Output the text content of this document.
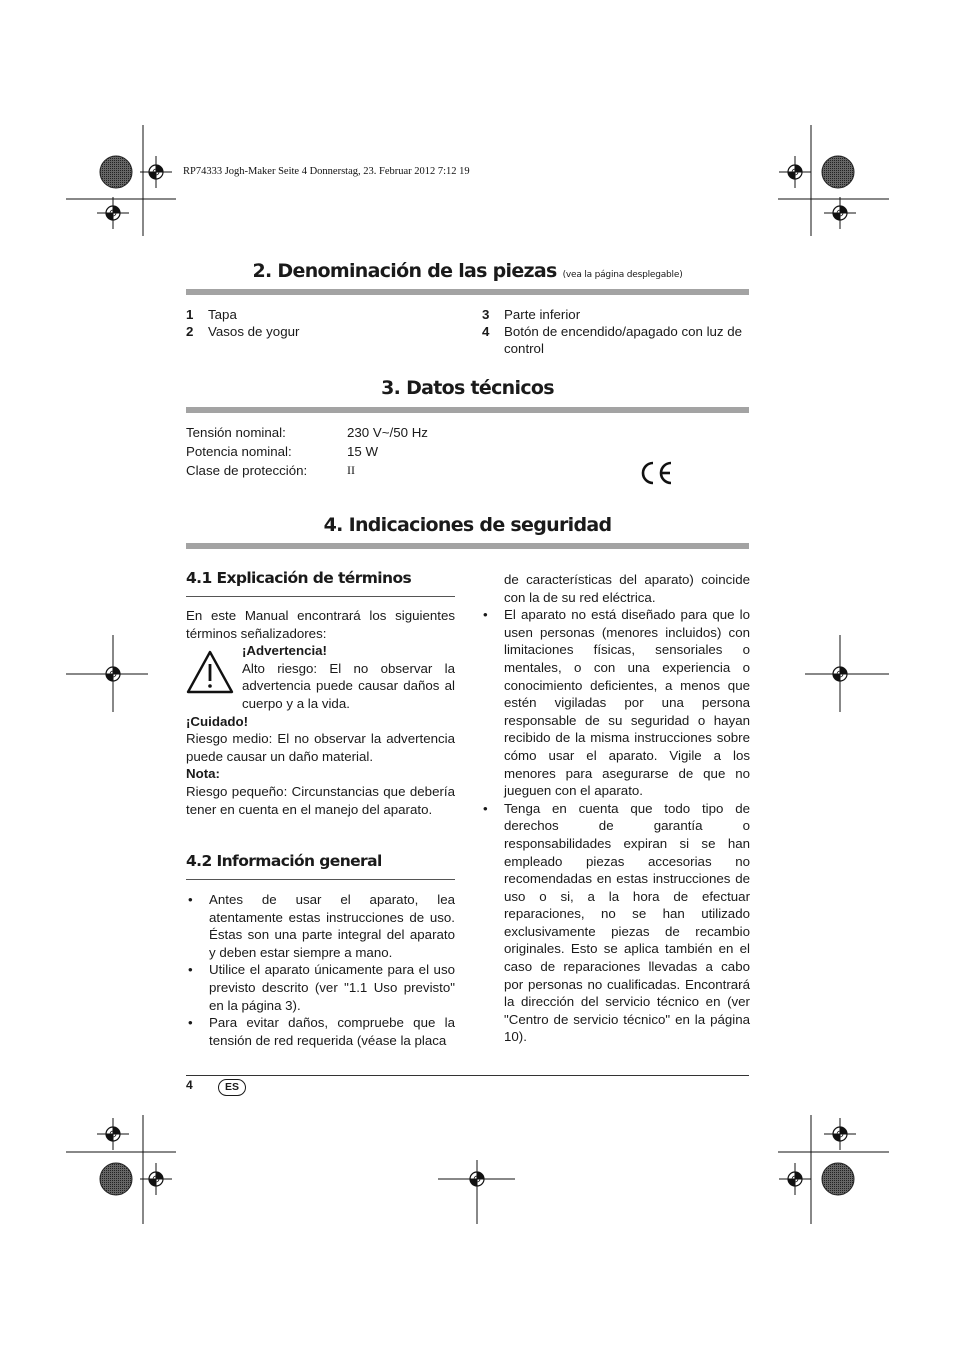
RP74333 Jogh-Maker Seite 4 Donnerstag, 23. Februar 2012 7:12 19
2. Denominación de las piezas (vea la página desplegable)
1	Tapa
2	Vasos de yogur
3	Parte inferior
4	Botón de encendido/apagado con luz de control
3. Datos técnicos
Tensión nominal:	230 V~/50 Hz
Potencia nominal:	15 W
Clase de protección:	II
4. Indicaciones de seguridad
4.1 Explicación de términos

En este Manual encontrará los siguientes términos señalizadores:

¡Advertencia!

Alto riesgo: El no observar la advertencia puede causar daños al cuerpo y a la vida.

¡Cuidado!

Riesgo medio: El no observar la advertencia puede causar un daño material.

Nota:

Riesgo pequeño: Circunstancias que debería tener en cuenta en el manejo del aparato.

4.2 Información general
• Antes de usar el aparato, lea atentamente estas instrucciones de uso. Éstas son una parte integral del aparato y deben estar siempre a mano.
• Utilice el aparato únicamente para el uso previsto descrito (ver "1.1 Uso previsto" en la página 3).
• Para evitar daños, compruebe que la tensión de red requerida (véase la placa

de características del aparato) coincide con la de su red eléctrica.

• El aparato no está diseñado para que lo usen personas (menores incluidos) con limitaciones físicas, sensoriales o mentales, o con una experiencia o conocimiento deficientes, a menos que estén vigiladas por una persona responsable de su seguridad o hayan recibido de la misma instrucciones sobre cómo usar el aparato. Vigile a los menores para asegurarse de que no jueguen con el aparato.
• Tenga en cuenta que todo tipo de derechos de garantía o responsabilidades expiran si se han empleado piezas accesorias no recomendadas en estas instrucciones de uso o si, a la hora de efectuar reparaciones, no se han utilizado exclusivamente piezas de recambio originales. Esto se aplica también en el caso de reparaciones llevadas a cabo por personas no cualificadas. Encontrará la dirección del servicio técnico en (ver "Centro de servicio técnico" en la página 10).
4	ES
